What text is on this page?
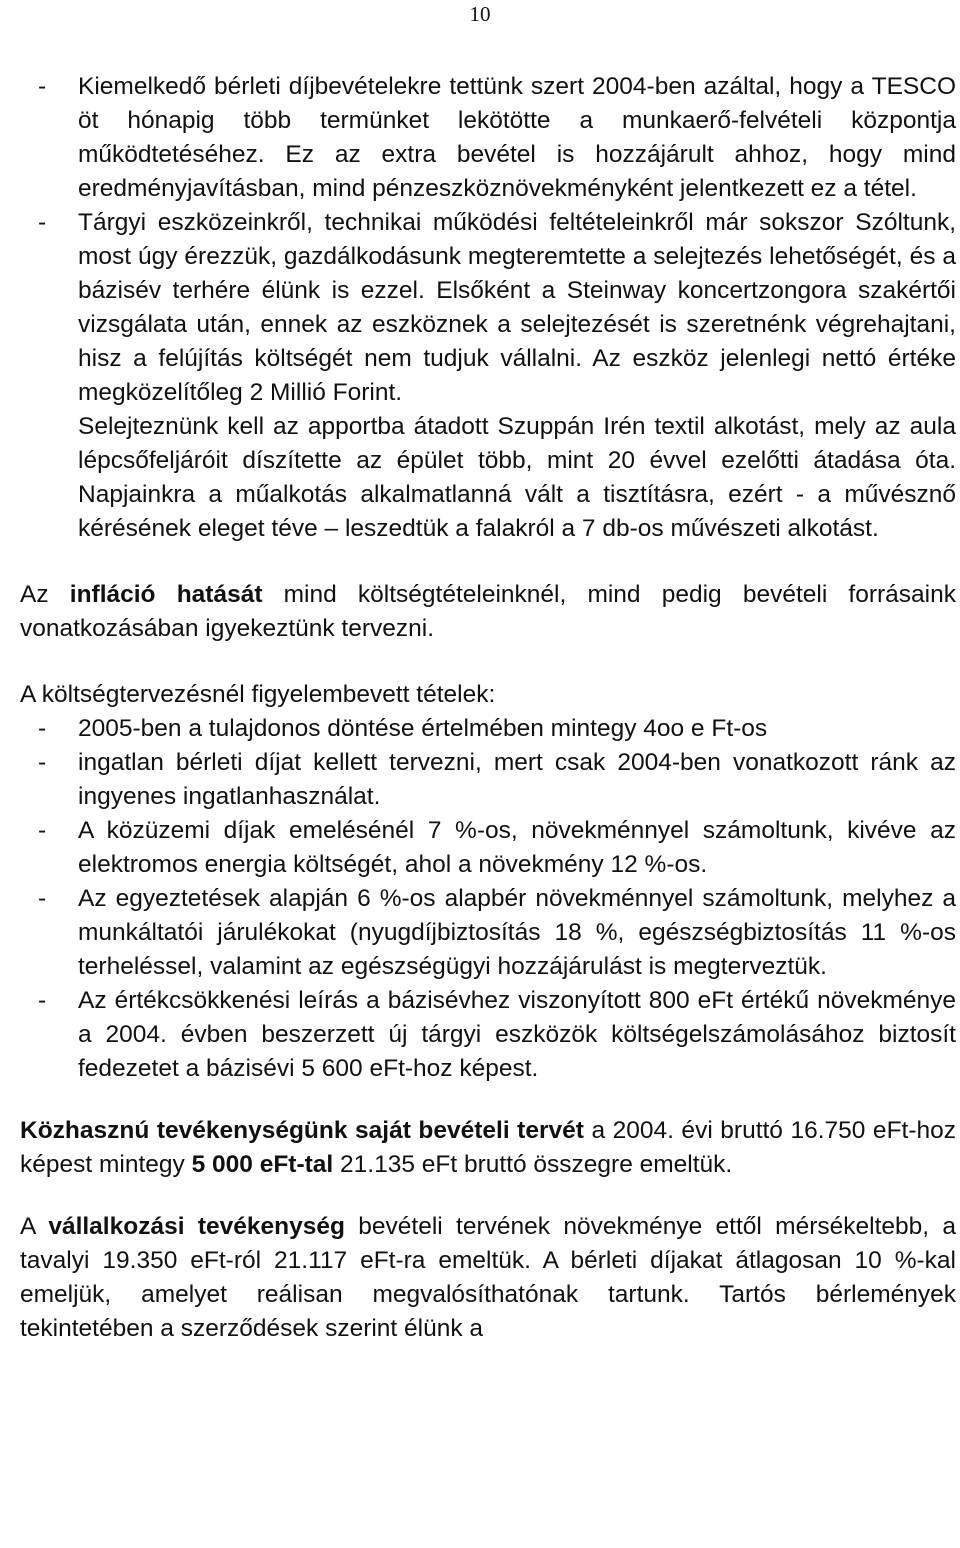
10
- Kiemelkedő bérleti díjbevételekre tettünk szert 2004-ben azáltal, hogy a TESCO öt hónapig több termünket lekötötte a munkaerő-felvételi központja működtetéséhez. Ez az extra bevétel is hozzájárult ahhoz, hogy mind eredményjavításban, mind pénzeszköznövekményként jelentkezett ez a tétel.
- Tárgyi eszközeinkről, technikai működési feltételeinkről már sokszor Szóltunk, most úgy érezzük, gazdálkodásunk megteremtette a selejtezés lehetőségét, és a bázisév terhére élünk is ezzel. Elsőként a Steinway koncertzongora szakértői vizsgálata után, ennek az eszköznek a selejtezését is szeretnénk végrehajtani, hisz a felújítás költségét nem tudjuk vállalni. Az eszköz jelenlegi nettó értéke megközelítőleg 2 Millió Forint.
Selejteznünk kell az apportba átadott Szuppán Irén textil alkotást, mely az aula lépcsőfeljáróit díszítette az épület több, mint 20 évvel ezelőtti átadása óta. Napjainkra a műalkotás alkalmatlanná vált a tisztításra, ezért - a művésznő kérésének eleget téve – leszedtük a falakról a 7 db-os művészeti alkotást.

Az infláció hatását mind költségtételeinknél, mind pedig bevételi forrásaink vonatkozásában igyekeztünk tervezni.

A költségtervezésnél figyelembevett tételek:

- 2005-ben a tulajdonos döntése értelmében mintegy 4oo e Ft-os
- ingatlan bérleti díjat kellett tervezni, mert csak 2004-ben vonatkozott ránk az ingyenes ingatlanhasználat.
- A közüzemi díjak emelésénél 7 %-os, növekménnyel számoltunk, kivéve az elektromos energia költségét, ahol a növekmény 12 %-os.
- Az egyeztetések alapján 6 %-os alapbér növekménnyel számoltunk, melyhez a munkáltatói járulékokat (nyugdíjbiztosítás 18 %, egészségbiztosítás 11 %-os terheléssel, valamint az egészségügyi hozzájárulást is megterveztük.
- Az értékcsökkenési leírás a bázisévhez viszonyított 800 eFt értékű növekménye a 2004. évben beszerzett új tárgyi eszközök költségelszámolásához biztosít fedezetet a bázisévi 5 600 eFt-hoz képest.

Közhasznú tevékenységünk saját bevételi tervét a 2004. évi bruttó 16.750 eFt-hoz képest mintegy 5 000 eFt-tal 21.135 eFt bruttó összegre emeltük.

A vállalkozási tevékenység bevételi tervének növekménye ettől mérsékeltebb, a tavalyi 19.350 eFt-ról 21.117 eFt-ra emeltük. A bérleti díjakat átlagosan 10 %-kal emeljük, amelyet reálisan megvalósíthatónak tartunk. Tartós bérlemények tekintetében a szerződések szerint élünk a
